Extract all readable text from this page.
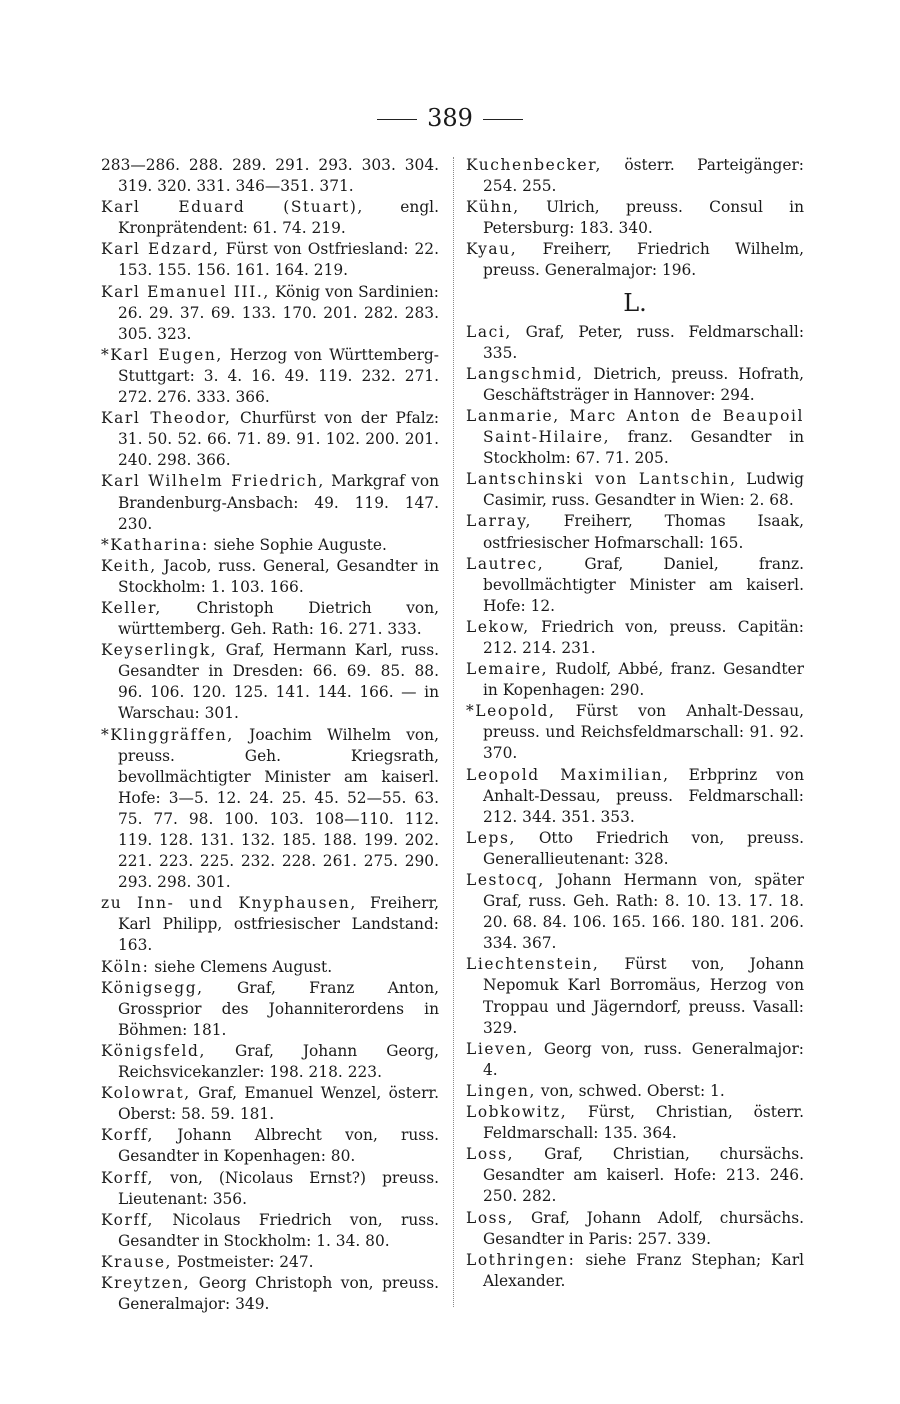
389
283—286. 288. 289. 291. 293. 303. 304. 319. 320. 331. 346—351. 371.
Karl Eduard (Stuart), engl. Kronprätendent: 61. 74. 219.
Karl Edzard, Fürst von Ostfriesland: 22. 153. 155. 156. 161. 164. 219.
Karl Emanuel III., König von Sardinien: 26. 29. 37. 69. 133. 170. 201. 282. 283. 305. 323.
*Karl Eugen, Herzog von Württemberg-Stuttgart: 3. 4. 16. 49. 119. 232. 271. 272. 276. 333. 366.
Karl Theodor, Churfürst von der Pfalz: 31. 50. 52. 66. 71. 89. 91. 102. 200. 201. 240. 298. 366.
Karl Wilhelm Friedrich, Markgraf von Brandenburg-Ansbach: 49. 119. 147. 230.
*Katharina: siehe Sophie Auguste.
Keith, Jacob, russ. General, Gesandter in Stockholm: 1. 103. 166.
Keller, Christoph Dietrich von, württemberg. Geh. Rath: 16. 271. 333.
Keyserlingk, Graf, Hermann Karl, russ. Gesandter in Dresden: 66. 69. 85. 88. 96. 106. 120. 125. 141. 144. 166. — in Warschau: 301.
*Klinggräffen, Joachim Wilhelm von, preuss. Geh. Kriegsrath, bevollmächtigter Minister am kaiserl. Hofe: 3—5. 12. 24. 25. 45. 52—55. 63. 75. 77. 98. 100. 103. 108—110. 112. 119. 128. 131. 132. 185. 188. 199. 202. 221. 223. 225. 232. 228. 261. 275. 290. 293. 298. 301.
zu Inn- und Knyphausen, Freiherr, Karl Philipp, ostfriesischer Landstand: 163.
Köln: siehe Clemens August.
Königsegg, Graf, Franz Anton, Grossprior des Johanniterordens in Böhmen: 181.
Königsfeld, Graf, Johann Georg, Reichsvicekanzler: 198. 218. 223.
Kolowrat, Graf, Emanuel Wenzel, österr. Oberst: 58. 59. 181.
Korff, Johann Albrecht von, russ. Gesandter in Kopenhagen: 80.
Korff, von, (Nicolaus Ernst?) preuss. Lieutenant: 356.
Korff, Nicolaus Friedrich von, russ. Gesandter in Stockholm: 1. 34. 80.
Krause, Postmeister: 247.
Kreytzen, Georg Christoph von, preuss. Generalmajor: 349.
Kuchenbecker, österr. Parteigänger: 254. 255.
Kühn, Ulrich, preuss. Consul in Petersburg: 183. 340.
Kyau, Freiherr, Friedrich Wilhelm, preuss. Generalmajor: 196.
L.
Laci, Graf, Peter, russ. Feldmarschall: 335.
Langschmid, Dietrich, preuss. Hofrath, Geschäftsträger in Hannover: 294.
Lanmarie, Marc Anton de Beaupoil Saint-Hilaire, franz. Gesandter in Stockholm: 67. 71. 205.
Lantschinski von Lantschin, Ludwig Casimir, russ. Gesandter in Wien: 2. 68.
Larray, Freiherr, Thomas Isaak, ostfriesischer Hofmarschall: 165.
Lautrec, Graf, Daniel, franz. bevollmächtigter Minister am kaiserl. Hofe: 12.
Lekow, Friedrich von, preuss. Capitän: 212. 214. 231.
Lemaire, Rudolf, Abbé, franz. Gesandter in Kopenhagen: 290.
*Leopold, Fürst von Anhalt-Dessau, preuss. und Reichsfeldmarschall: 91. 92. 370.
Leopold Maximilian, Erbprinz von Anhalt-Dessau, preuss. Feldmarschall: 212. 344. 351. 353.
Leps, Otto Friedrich von, preuss. Generallieutenant: 328.
Lestocq, Johann Hermann von, später Graf, russ. Geh. Rath: 8. 10. 13. 17. 18. 20. 68. 84. 106. 165. 166. 180. 181. 206. 334. 367.
Liechtenstein, Fürst von, Johann Nepomuk Karl Borromäus, Herzog von Troppau und Jägerndorf, preuss. Vasall: 329.
Lieven, Georg von, russ. Generalmajor: 4.
Lingen, von, schwed. Oberst: 1.
Lobkowitz, Fürst, Christian, österr. Feldmarschall: 135. 364.
Loss, Graf, Christian, chursächs. Gesandter am kaiserl. Hofe: 213. 246. 250. 282.
Loss, Graf, Johann Adolf, chursächs. Gesandter in Paris: 257. 339.
Lothringen: siehe Franz Stephan; Karl Alexander.
